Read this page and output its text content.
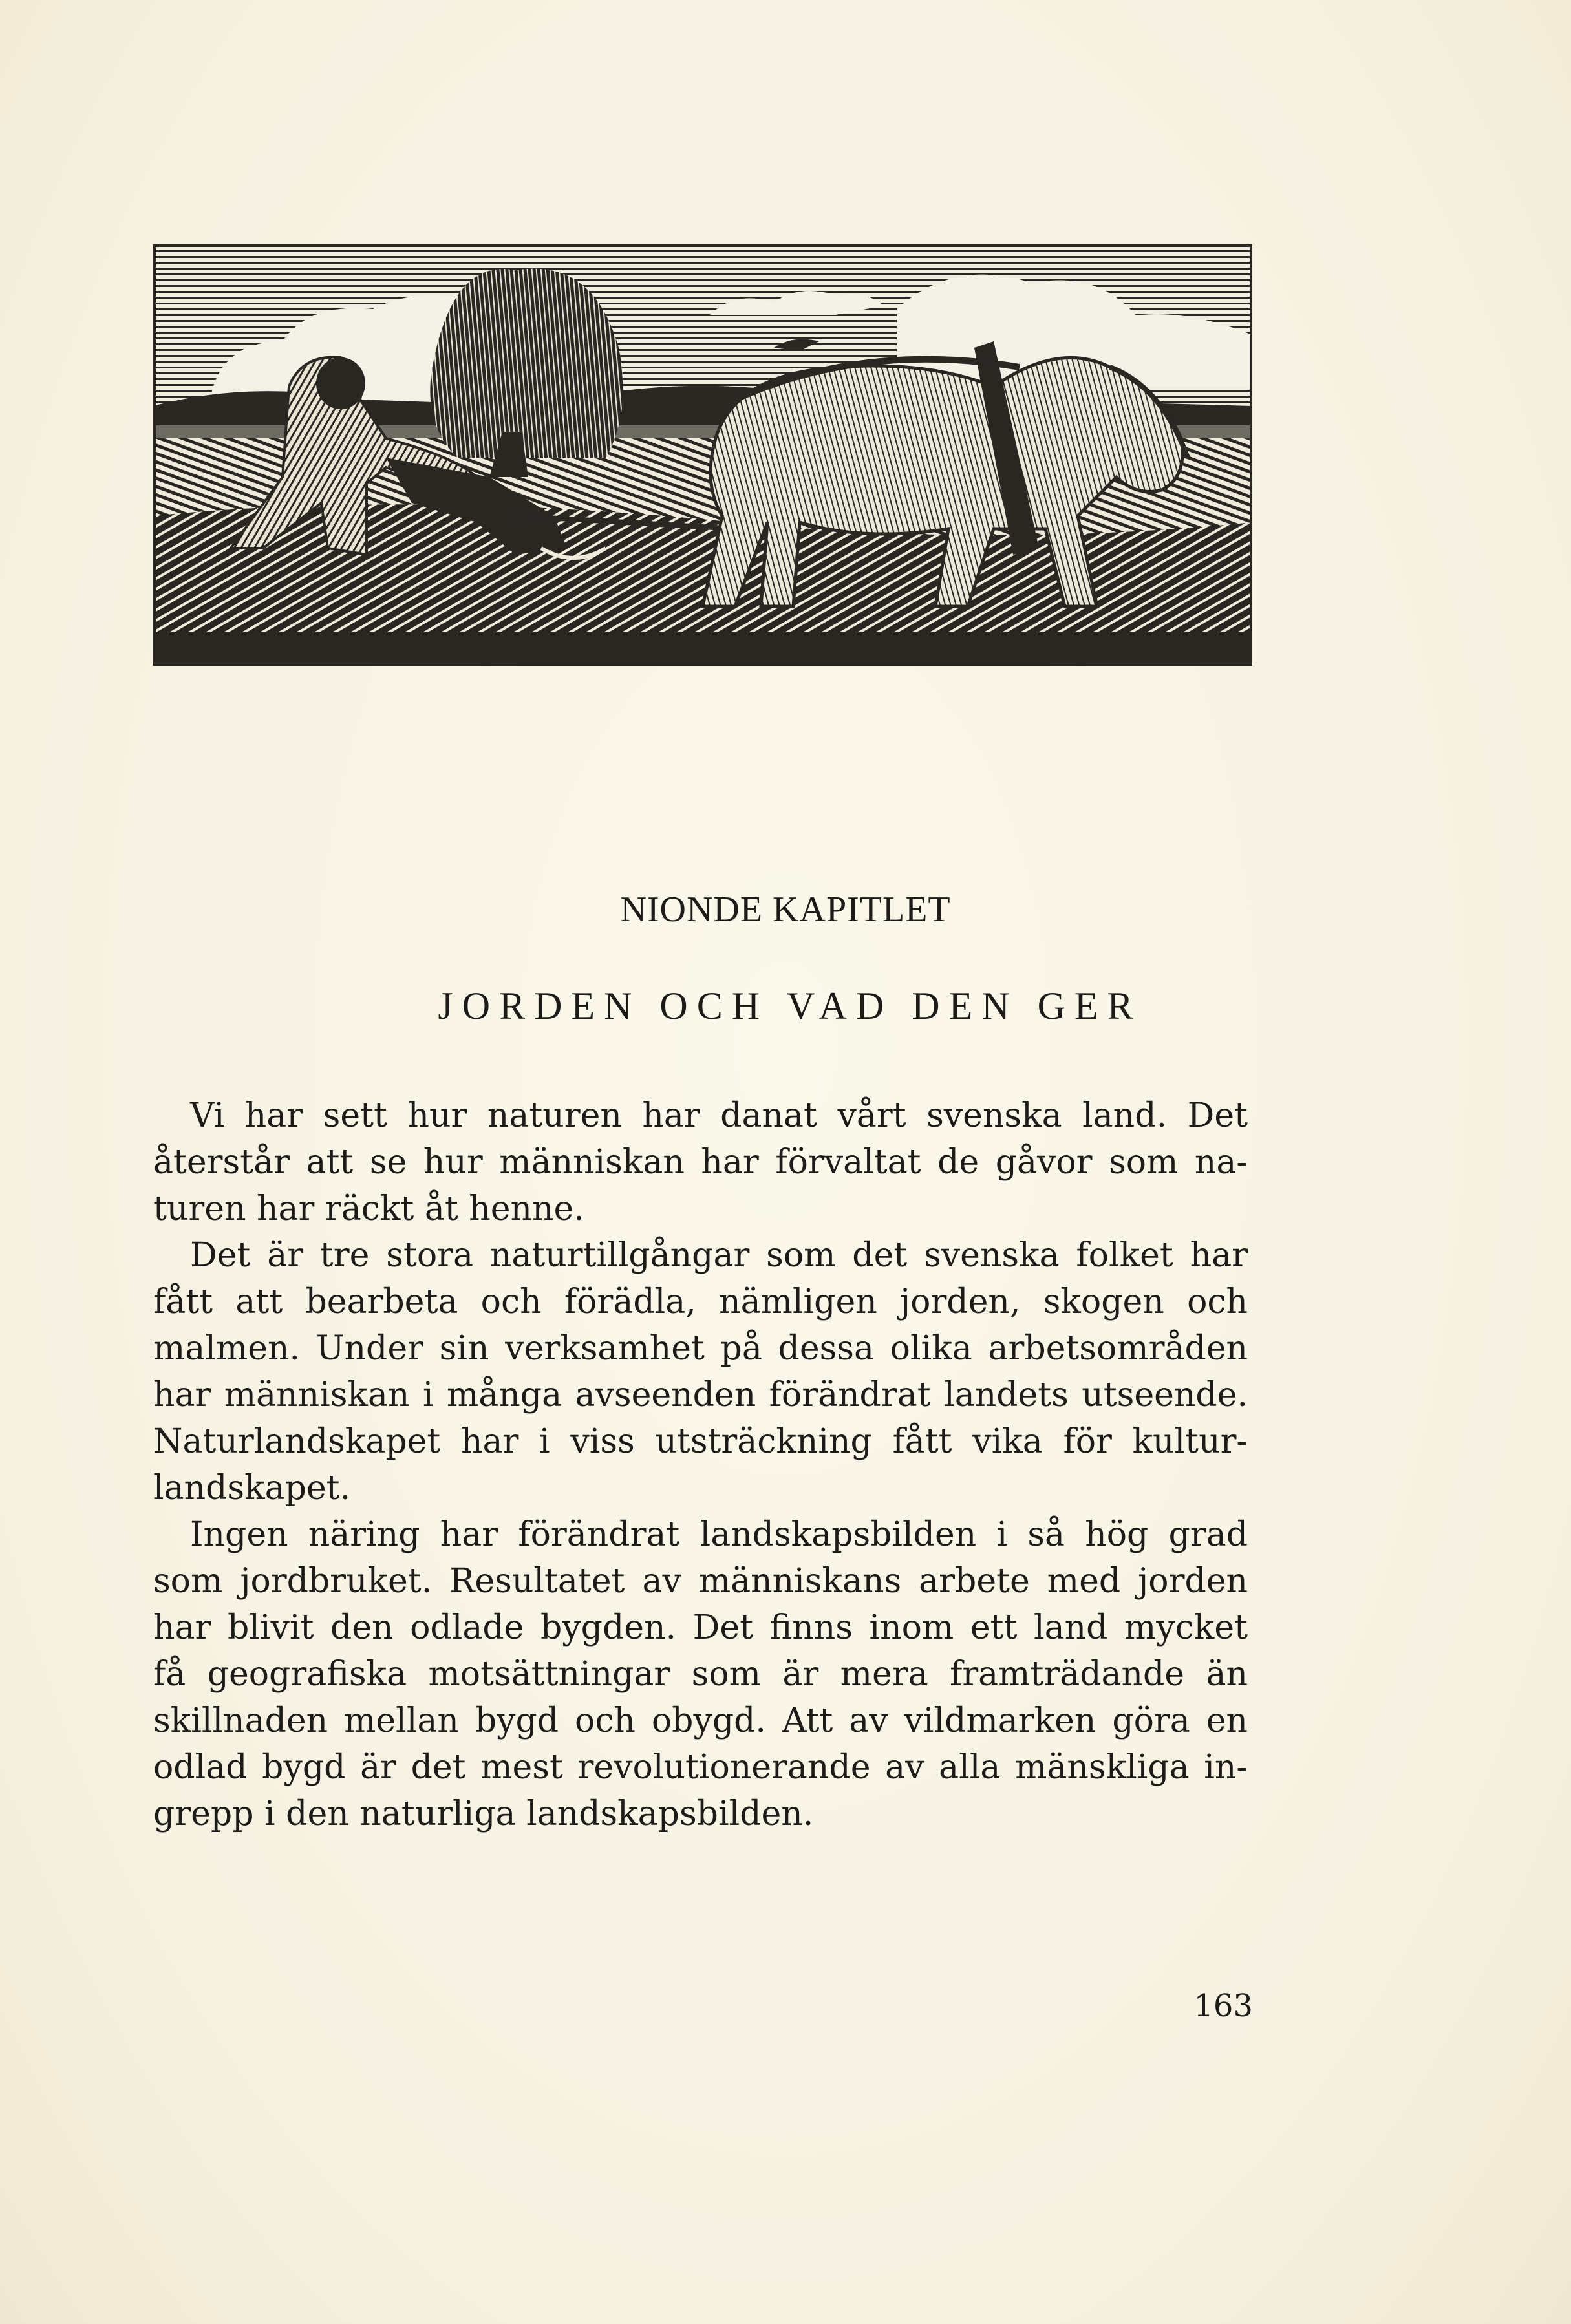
NIONDE KAPITLET
JORDEN OCH VAD DEN GER

Vi har sett hur naturen har danat vårt svenska land. Det
återstår att se hur människan har förvaltat de gåvor som na-
turen har räckt åt henne.

Det är tre stora naturtillgångar som det svenska folket har
fått att bearbeta och förädla, nämligen jorden, skogen och
malmen. Under sin verksamhet på dessa olika arbetsområden
har människan i många avseenden förändrat landets utseende.
Naturlandskapet har i viss utsträckning fått vika för kultur-
landskapet.

Ingen näring har förändrat landskapsbilden i så hög grad
som jordbruket. Resultatet av människans arbete med jorden
har blivit den odlade bygden. Det finns inom ett land mycket
få geografiska motsättningar som är mera framträdande än
skillnaden mellan bygd och obygd. Att av vildmarken göra en
odlad bygd är det mest revolutionerande av alla mänskliga in-
grepp i den naturliga landskapsbilden.

163
